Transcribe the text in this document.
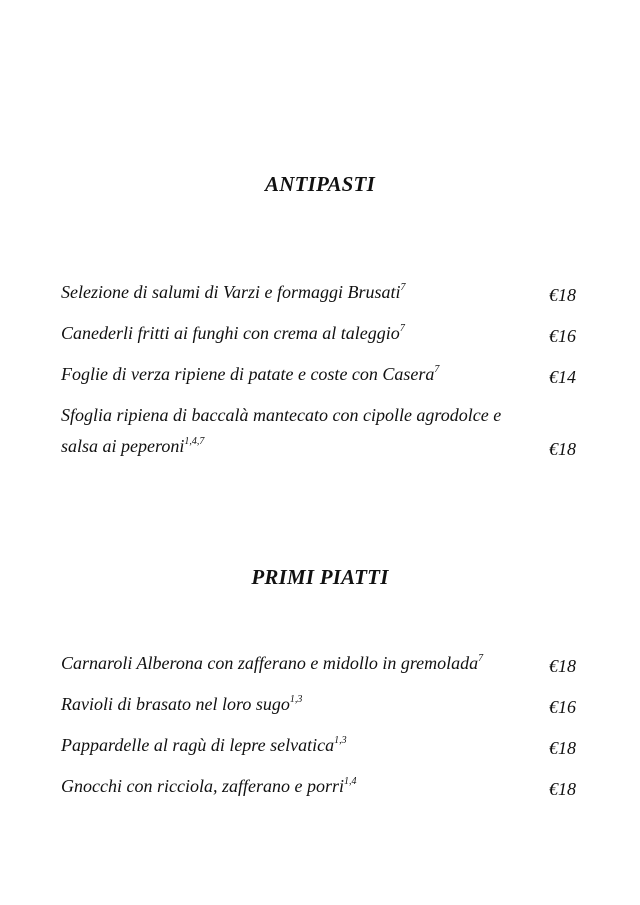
ANTIPASTI
Selezione di salumi di Varzi e formaggi Brusati$^7$	€18
Canederli fritti ai funghi con crema al taleggio$^7$	€16
Foglie di verza ripiene di patate e coste con Casera$^7$	€14
Sfoglia ripiena di baccalà mantecato con cipolle agrodolce e salsa ai peperoni$^{1,4,7}$	€18
PRIMI PIATTI
Carnaroli Alberona con zafferano e midollo in gremolada$^7$	€18
Ravioli di brasato nel loro sugo$^{1,3}$	€16
Pappardelle al ragù di lepre selvatica$^{1,3}$	€18
Gnocchi con ricciola, zafferano e porri$^{1,4}$	€18
